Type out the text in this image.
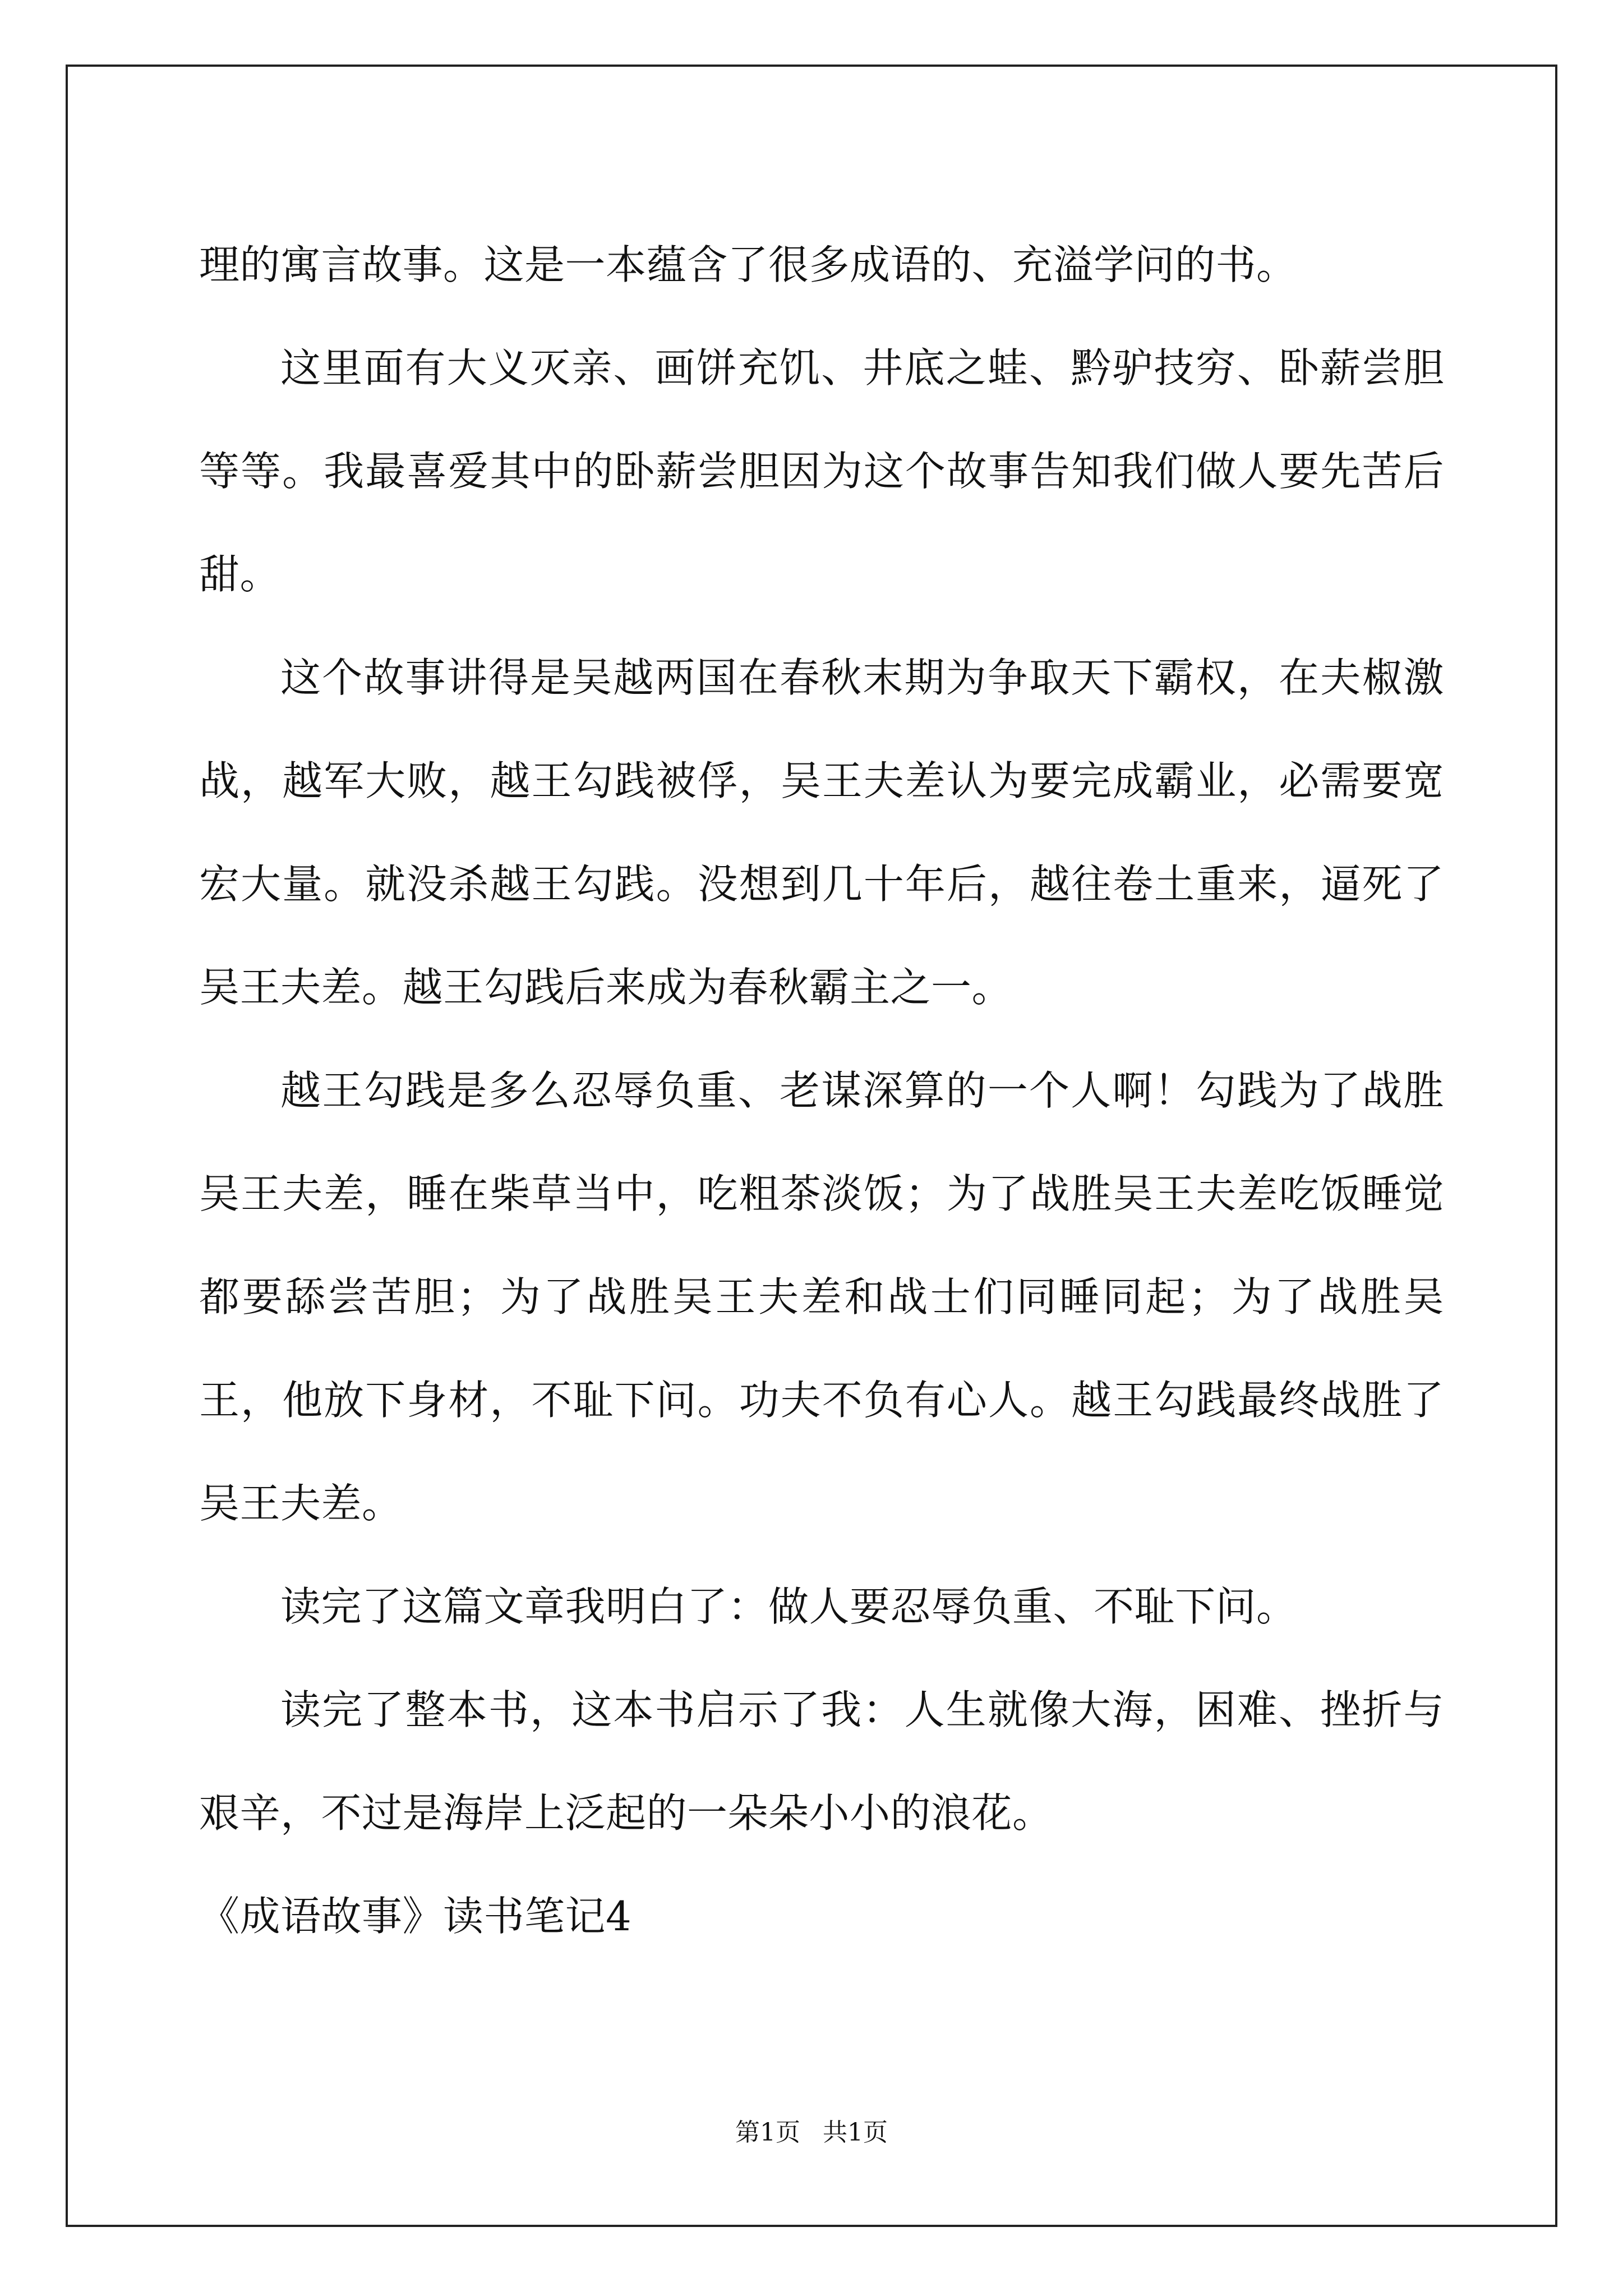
理的寓言故事。这是一本蕴含了很多成语的、充溢学问的书。

这里面有大义灭亲、画饼充饥、井底之蛙、黔驴技穷、卧薪尝胆等等。我最喜爱其中的卧薪尝胆因为这个故事告知我们做人要先苦后甜。

这个故事讲得是吴越两国在春秋末期为争取天下霸权，在夫椒激战，越军大败，越王勾践被俘，吴王夫差认为要完成霸业，必需要宽宏大量。就没杀越王勾践。没想到几十年后，越往卷土重来，逼死了吴王夫差。越王勾践后来成为春秋霸主之一。

越王勾践是多么忍辱负重、老谋深算的一个人啊！勾践为了战胜吴王夫差，睡在柴草当中，吃粗茶淡饭；为了战胜吴王夫差吃饭睡觉都要舔尝苦胆；为了战胜吴王夫差和战士们同睡同起；为了战胜吴王，他放下身材，不耻下问。功夫不负有心人。越王勾践最终战胜了吴王夫差。

读完了这篇文章我明白了：做人要忍辱负重、不耻下问。

读完了整本书，这本书启示了我：人生就像大海，困难、挫折与艰辛，不过是海岸上泛起的一朵朵小小的浪花。

《成语故事》读书笔记4

第1页 共1页
